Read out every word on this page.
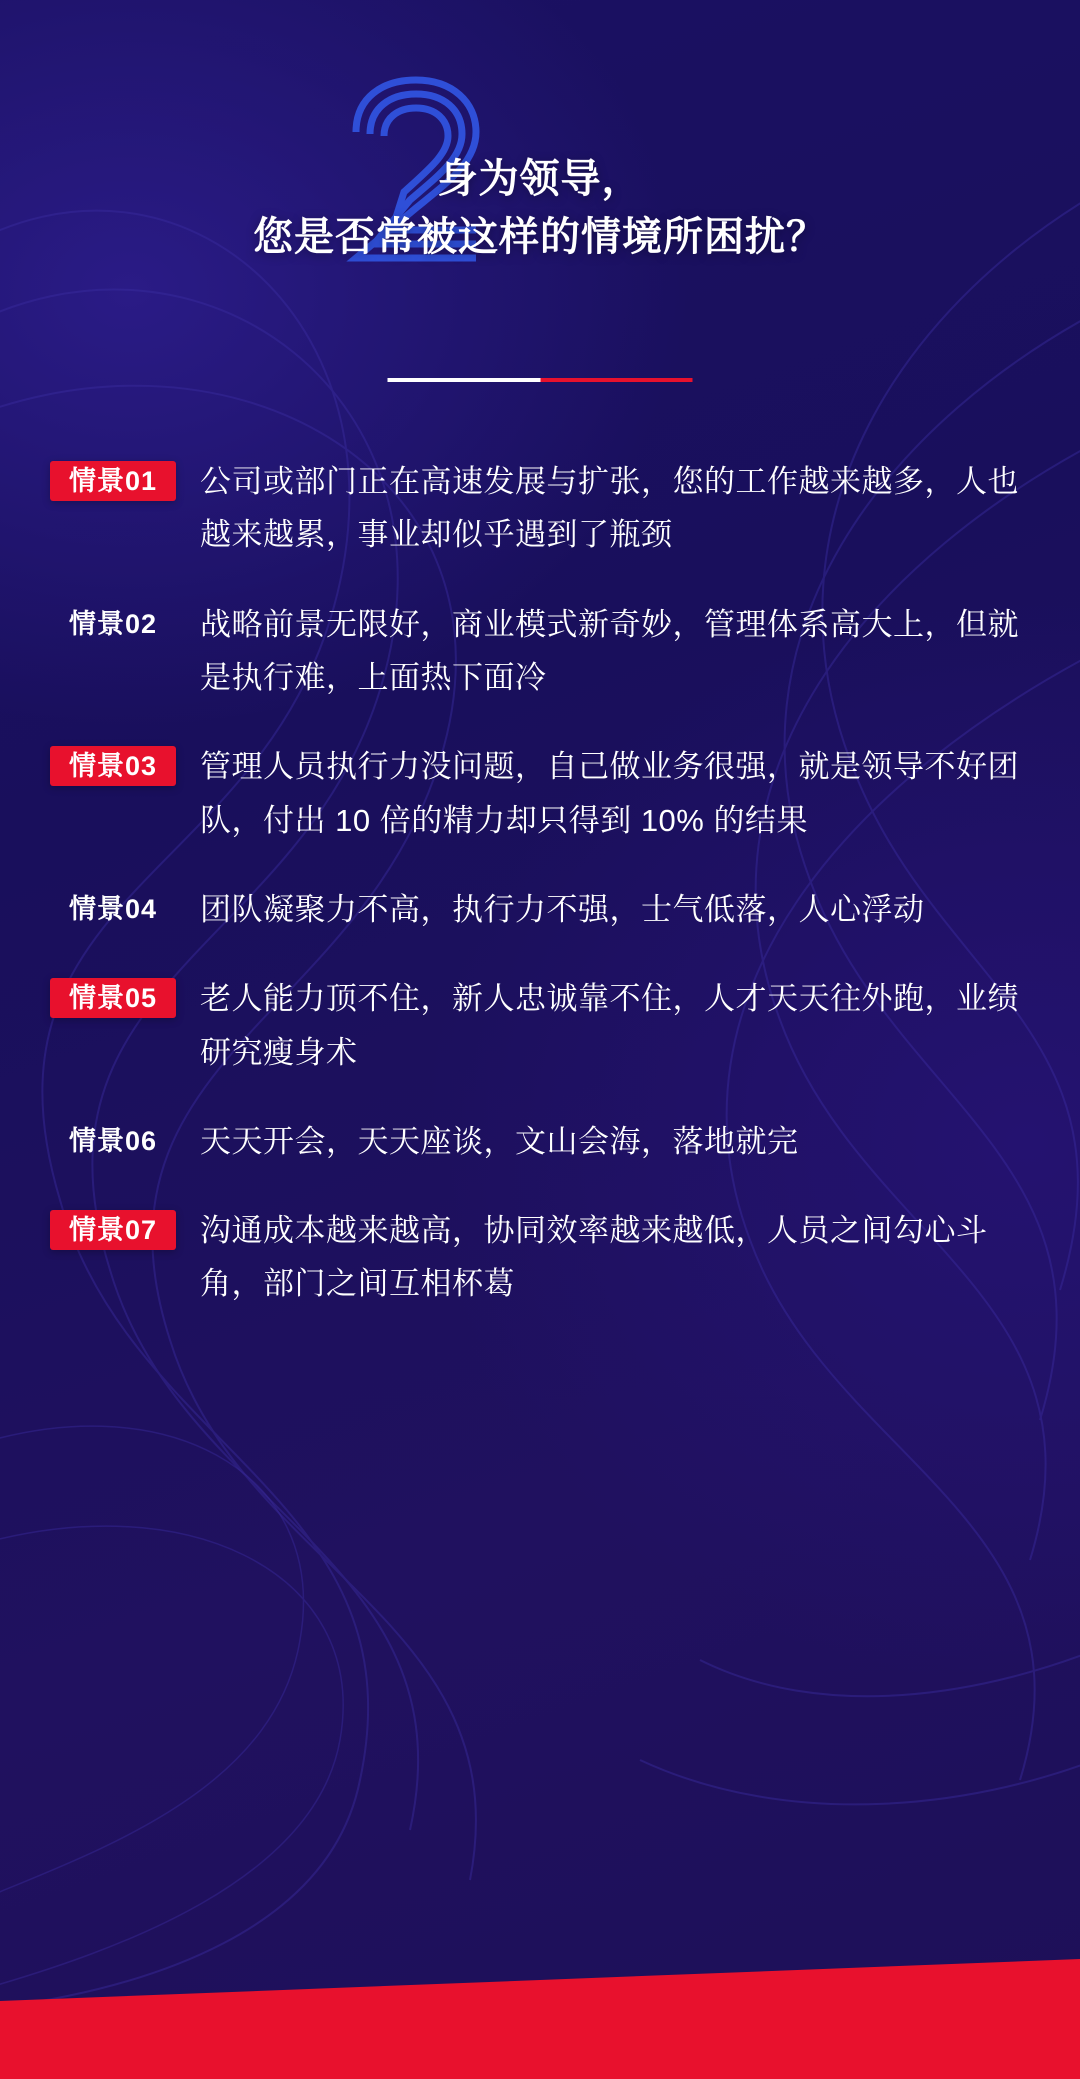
身为领导，
您是否常被这样的情境所困扰？
情景01	公司或部门正在高速发展与扩张，您的工作越来越多，人也越来越累，事业却似乎遇到了瓶颈
情景02	战略前景无限好，商业模式新奇妙，管理体系高大上，但就是执行难，上面热下面冷
情景03	管理人员执行力没问题，自己做业务很强，就是领导不好团队，付出 10 倍的精力却只得到 10% 的结果
情景04	团队凝聚力不高，执行力不强，士气低落，人心浮动
情景05	老人能力顶不住，新人忠诚靠不住，人才天天往外跑，业绩研究瘦身术
情景06	天天开会，天天座谈，文山会海，落地就完
情景07	沟通成本越来越高，协同效率越来越低，人员之间勾心斗角，部门之间互相杯葛
